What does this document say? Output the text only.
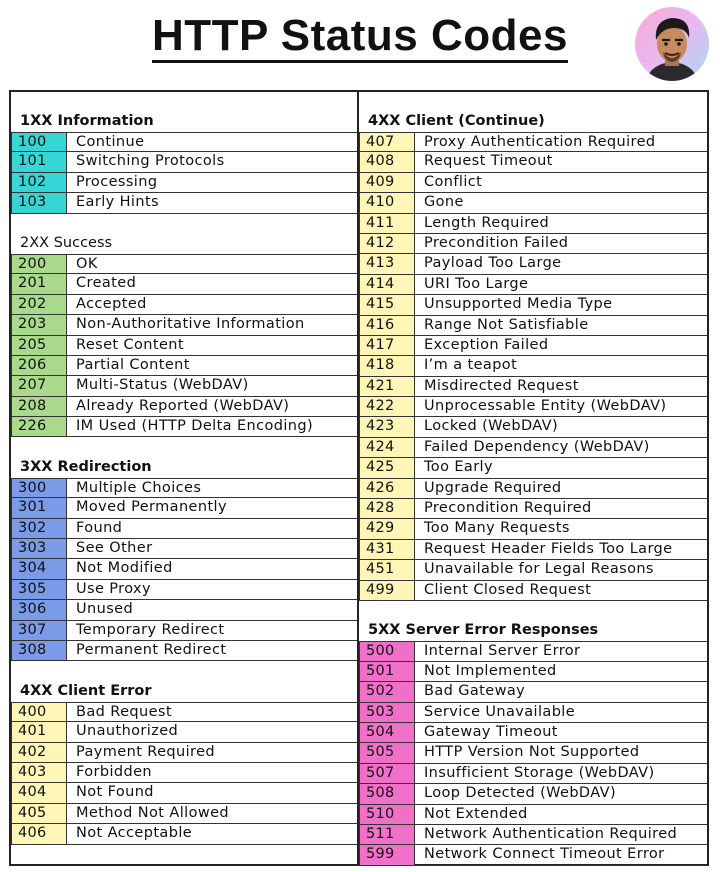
HTTP Status Codes
1XX Information
100	Continue
101	Switching Protocols
102	Processing
103	Early Hints
2XX Success
200	OK
201	Created
202	Accepted
203	Non-Authoritative Information
205	Reset Content
206	Partial Content
207	Multi-Status (WebDAV)
208	Already Reported (WebDAV)
226	IM Used (HTTP Delta Encoding)
3XX Redirection
300	Multiple Choices
301	Moved Permanently
302	Found
303	See Other
304	Not Modified
305	Use Proxy
306	Unused
307	Temporary Redirect
308	Permanent Redirect
4XX Client Error
400	Bad Request
401	Unauthorized
402	Payment Required
403	Forbidden
404	Not Found
405	Method Not Allowed
406	Not Acceptable
4XX Client (Continue)
407	Proxy Authentication Required
408	Request Timeout
409	Conflict
410	Gone
411	Length Required
412	Precondition Failed
413	Payload Too Large
414	URI Too Large
415	Unsupported Media Type
416	Range Not Satisfiable
417	Exception Failed
418	I’m a teapot
421	Misdirected Request
422	Unprocessable Entity (WebDAV)
423	Locked (WebDAV)
424	Failed Dependency (WebDAV)
425	Too Early
426	Upgrade Required
428	Precondition Required
429	Too Many Requests
431	Request Header Fields Too Large
451	Unavailable for Legal Reasons
499	Client Closed Request
5XX Server Error Responses
500	Internal Server Error
501	Not Implemented
502	Bad Gateway
503	Service Unavailable
504	Gateway Timeout
505	HTTP Version Not Supported
507	Insufficient Storage (WebDAV)
508	Loop Detected (WebDAV)
510	Not Extended
511	Network Authentication Required
599	Network Connect Timeout Error
